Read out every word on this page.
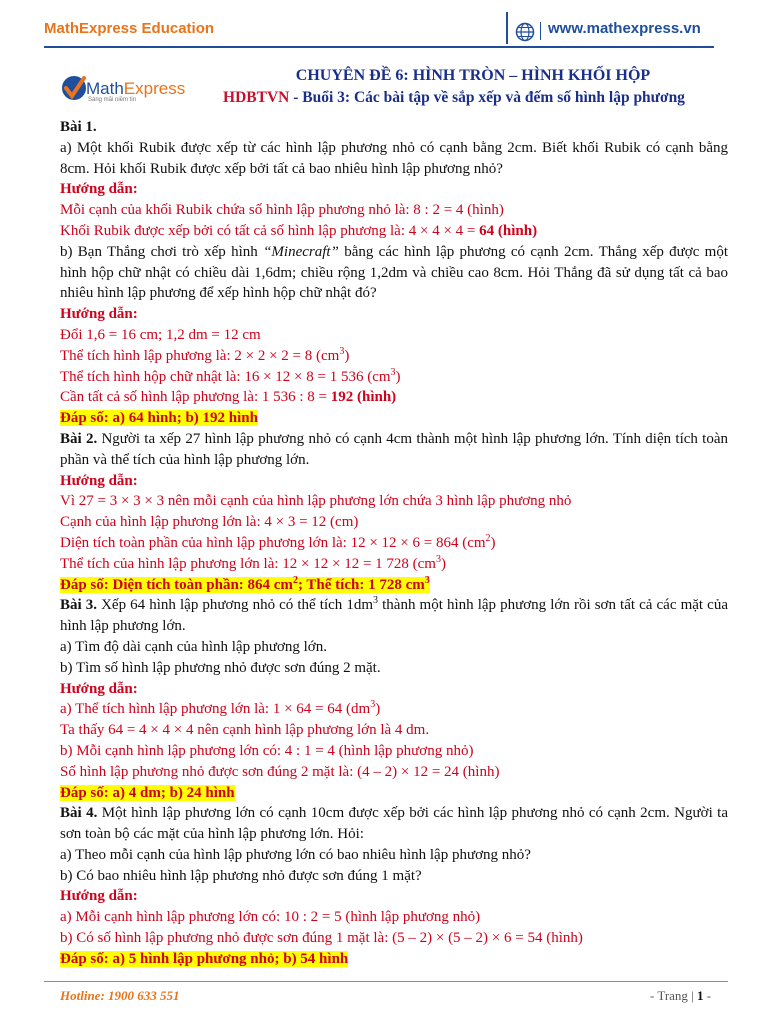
MathExpress Education	www.mathexpress.vn
MathExpress
Sáng mãi niềm tin
CHUYÊN ĐỀ 6: HÌNH TRÒN – HÌNH KHỐI HỘP
HDBTVN - Buổi 3: Các bài tập về sắp xếp và đếm số hình lập phương

Bài 1.

a) Một khối Rubik được xếp từ các hình lập phương nhỏ có cạnh bằng 2cm. Biết khối Rubik có cạnh bằng 8cm. Hỏi khối Rubik được xếp bởi tất cả bao nhiêu hình lập phương nhỏ?

Hướng dẫn:

Mỗi cạnh của khối Rubik chứa số hình lập phương nhỏ là: 8 : 2 = 4 (hình)

Khối Rubik được xếp bởi có tất cả số hình lập phương là: 4 × 4 × 4 = 64 (hình)

b) Bạn Thắng chơi trò xếp hình “Minecraft” bằng các hình lập phương có cạnh 2cm. Thắng xếp được một hình hộp chữ nhật có chiều dài 1,6dm; chiều rộng 1,2dm và chiều cao 8cm. Hỏi Thắng đã sử dụng tất cả bao nhiêu hình lập phương để xếp hình hộp chữ nhật đó?

Hướng dẫn:

Đổi 1,6 = 16 cm; 1,2 dm = 12 cm

Thể tích hình lập phương là: 2 × 2 × 2 = 8 $(cm^3)$

Thể tích hình hộp chữ nhật là: 16 × 12 × 8 = 1 536 $(cm^3)$

Cần tất cả số hình lập phương là: 1 536 : 8 = 192 (hình)

Đáp số: a) 64 hình; b) 192 hình

Bài 2. Người ta xếp 27 hình lập phương nhỏ có cạnh 4cm thành một hình lập phương lớn. Tính diện tích toàn phần và thể tích của hình lập phương lớn.

Hướng dẫn:

Vì 27 = 3 × 3 × 3 nên mỗi cạnh của hình lập phương lớn chứa 3 hình lập phương nhỏ

Cạnh của hình lập phương lớn là: 4 × 3 = 12 (cm)

Diện tích toàn phần của hình lập phương lớn là: 12 × 12 × 6 = 864 $(cm^2)$

Thể tích của hình lập phương lớn là: 12 × 12 × 12 = 1 728 $(cm^3)$

Đáp số: Diện tích toàn phần: 864 $cm^2$; Thể tích: 1 728 $cm^3$

Bài 3. Xếp 64 hình lập phương nhỏ có thể tích $1dm^3$ thành một hình lập phương lớn rồi sơn tất cả các mặt của hình lập phương lớn.

a) Tìm độ dài cạnh của hình lập phương lớn.

b) Tìm số hình lập phương nhỏ được sơn đúng 2 mặt.

Hướng dẫn:

a) Thể tích hình lập phương lớn là: 1 × 64 = 64 $(dm^3)$

Ta thấy 64 = 4 × 4 × 4 nên cạnh hình lập phương lớn là 4 dm.

b) Mỗi cạnh hình lập phương lớn có: 4 : 1 = 4 (hình lập phương nhỏ)

Số hình lập phương nhỏ được sơn đúng 2 mặt là: (4 – 2) × 12 = 24 (hình)

Đáp số: a) 4 dm; b) 24 hình

Bài 4. Một hình lập phương lớn có cạnh 10cm được xếp bởi các hình lập phương nhỏ có cạnh 2cm. Người ta sơn toàn bộ các mặt của hình lập phương lớn. Hỏi:

a) Theo mỗi cạnh của hình lập phương lớn có bao nhiêu hình lập phương nhỏ?

b) Có bao nhiêu hình lập phương nhỏ được sơn đúng 1 mặt?

Hướng dẫn:

a) Mỗi cạnh hình lập phương lớn có: 10 : 2 = 5 (hình lập phương nhỏ)

b) Có số hình lập phương nhỏ được sơn đúng 1 mặt là: (5 – 2) × (5 – 2) × 6 = 54 (hình)

Đáp số: a) 5 hình lập phương nhỏ; b) 54 hình

Hotline: 1900 633 551	- Trang | 1 -
